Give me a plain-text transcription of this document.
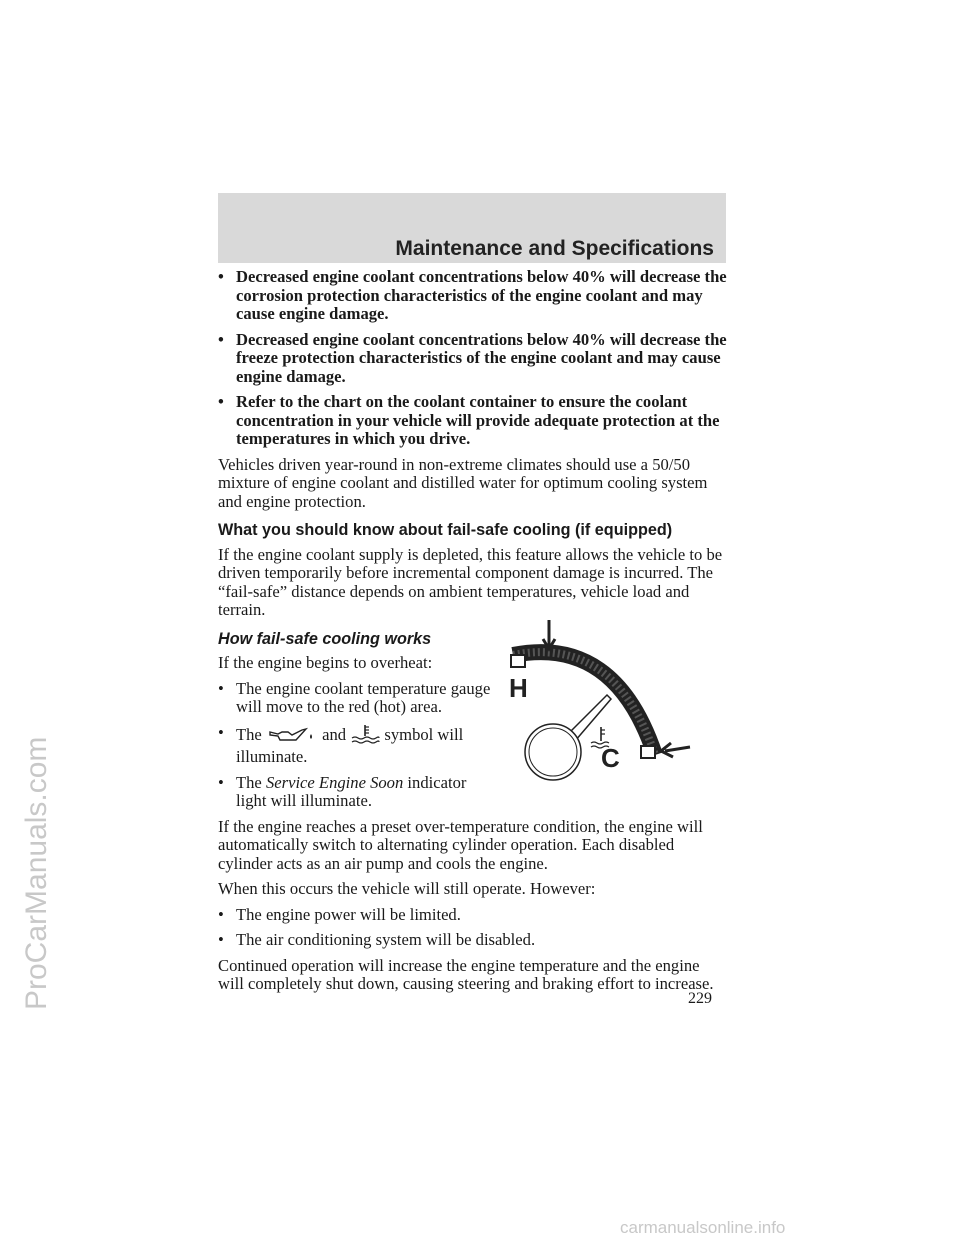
Maintenance and Specifications
• Decreased engine coolant concentrations below 40% will decrease the corrosion protection characteristics of the engine coolant and may cause engine damage.
• Decreased engine coolant concentrations below 40% will decrease the freeze protection characteristics of the engine coolant and may cause engine damage.
• Refer to the chart on the coolant container to ensure the coolant concentration in your vehicle will provide adequate protection at the temperatures in which you drive.

Vehicles driven year-round in non-extreme climates should use a 50/50 mixture of engine coolant and distilled water for optimum cooling system and engine protection.

What you should know about fail-safe cooling (if equipped)

If the engine coolant supply is depleted, this feature allows the vehicle to be driven temporarily before incremental component damage is incurred. The “fail-safe” distance depends on ambient temperatures, vehicle load and terrain.

How fail-safe cooling works

If the engine begins to overheat:

• The engine coolant temperature gauge will move to the red (hot) area.
• The	and symbol will illuminate.
• The Service Engine Soon indicator light will illuminate.

If the engine reaches a preset over-temperature condition, the engine will automatically switch to alternating cylinder operation. Each disabled cylinder acts as an air pump and cools the engine.

When this occurs the vehicle will still operate. However:

• The engine power will be limited.
• The air conditioning system will be disabled.

Continued operation will increase the engine temperature and the engine will completely shut down, causing steering and braking effort to increase.

H
C
229
ProCarManuals.com
carmanualsonline.info
